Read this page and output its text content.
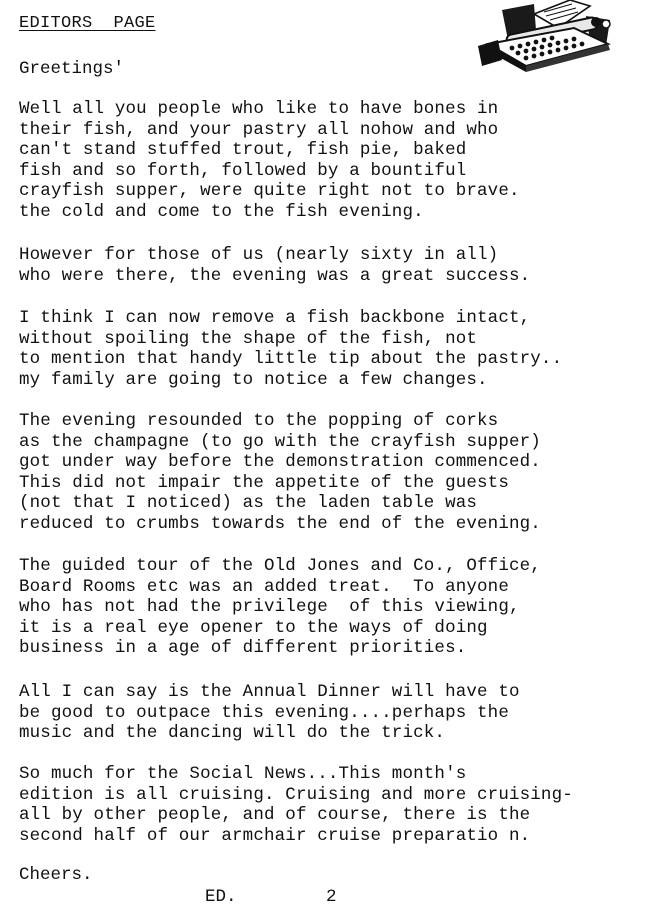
EDITORS  PAGE
Greetings'
Well all you people who like to have bones in
their fish, and your pastry all nohow and who
can't stand stuffed trout, fish pie, baked
fish and so forth, followed by a bountiful
crayfish supper, were quite right not to brave.
the cold and come to the fish evening.
However for those of us (nearly sixty in all)
who were there, the evening was a great success.
I think I can now remove a fish backbone intact,
without spoiling the shape of the fish, not
to mention that handy little tip about the pastry..
my family are going to notice a few changes.
The evening resounded to the popping of corks
as the champagne (to go with the crayfish supper)
got under way before the demonstration commenced.
This did not impair the appetite of the guests
(not that I noticed) as the laden table was
reduced to crumbs towards the end of the evening.
The guided tour of the Old Jones and Co., Office,
Board Rooms etc was an added treat.  To anyone
who has not had the privilege  of this viewing,
it is a real eye opener to the ways of doing
business in a age of different priorities.
All I can say is the Annual Dinner will have to
be good to outpace this evening....perhaps the
music and the dancing will do the trick.
So much for the Social News...This month's
edition is all cruising. Cruising and more cruising-
all by other people, and of course, there is the
second half of our armchair cruise preparatio n.
Cheers.
ED.	2
